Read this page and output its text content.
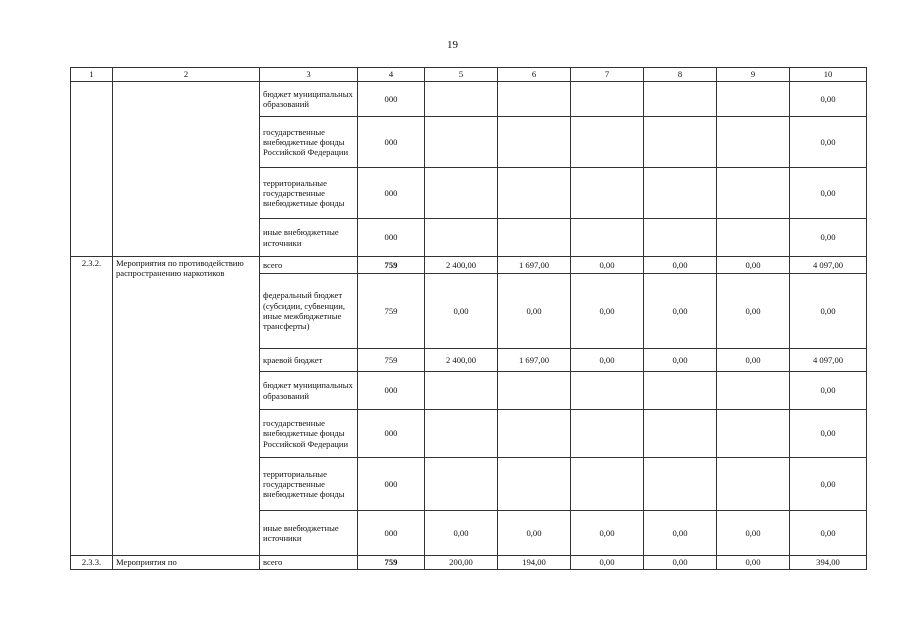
19
1	2	3	4	5	6	7	8	9	10
		бюджет муниципальных образований	000						0,00
		государственные внебюджетные фонды Российской Федерации	000						0,00
		территориальные государственные внебюджетные фонды	000						0,00
		иные внебюджетные источники	000						0,00
2.3.2.	Мероприятия по противодействию распространению наркотиков	всего	759	2 400,00	1 697,00	0,00	0,00	0,00	4 097,00
		федеральный бюджет (субсидии, субвенции, иные межбюджетные трансферты)	759	0,00	0,00	0,00	0,00	0,00	0,00
		краевой бюджет	759	2 400,00	1 697,00	0,00	0,00	0,00	4 097,00
		бюджет муниципальных образований	000						0,00
		государственные внебюджетные фонды Российской Федерации	000						0,00
		территориальные государственные внебюджетные фонды	000						0,00
		иные внебюджетные источники	000	0,00	0,00	0,00	0,00	0,00	0,00
2.3.3.	Мероприятия по	всего	759	200,00	194,00	0,00	0,00	0,00	394,00
